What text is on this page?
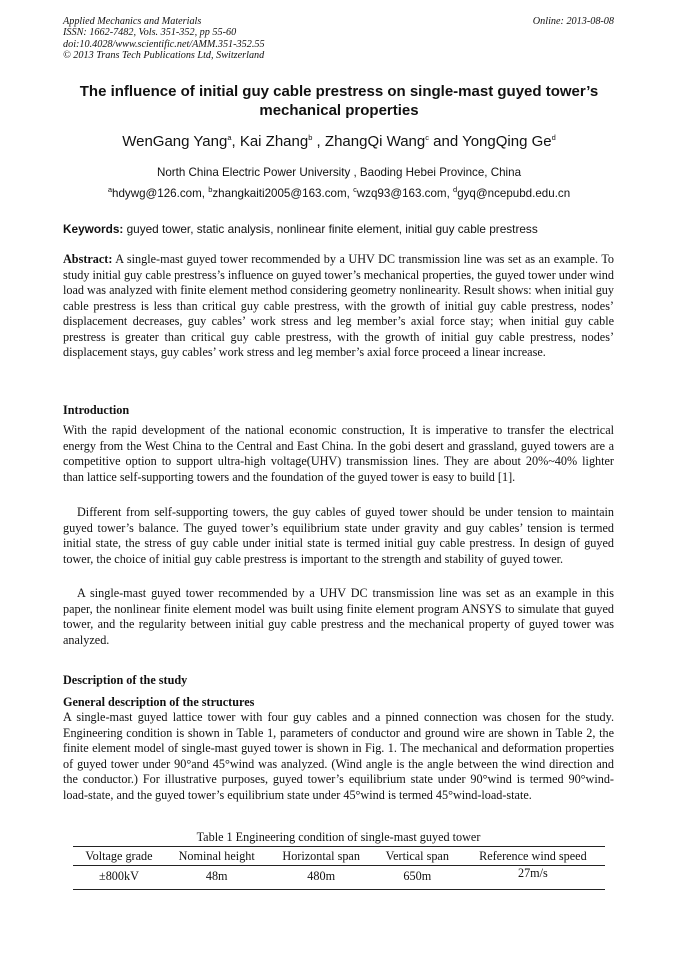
Applied Mechanics and Materials
ISSN: 1662-7482, Vols. 351-352, pp 55-60
doi:10.4028/www.scientific.net/AMM.351-352.55
© 2013 Trans Tech Publications Ltd, Switzerland
Online: 2013-08-08
The influence of initial guy cable prestress on single-mast guyed tower’s
mechanical properties
WenGang Yang$^a$, Kai Zhang$^b$ , ZhangQi Wang$^c$ and YongQing Ge$^d$
North China Electric Power University , Baoding Hebei Province, China
$^a$hdywg@126.com, $^b$zhangkaiti2005@163.com, $^c$wzq93@163.com, $^d$gyq@ncepubd.edu.cn
Keywords: guyed tower, static analysis, nonlinear finite element, initial guy cable prestress

Abstract: A single-mast guyed tower recommended by a UHV DC transmission line was set as an example. To study initial guy cable prestress’s influence on guyed tower’s mechanical properties, the guyed tower under wind load was analyzed with finite element method considering geometry nonlinearity. Result shows: when initial guy cable prestress is less than critical guy cable prestress, with the growth of initial guy cable prestress, nodes’ displacement decreases, guy cables’ work stress and leg member’s axial force stay; when initial guy cable prestress is greater than critical guy cable prestress, with the growth of initial guy cable prestress, nodes’ displacement stays, guy cables’ work stress and leg member’s axial force proceed a linear increase.

Introduction

With the rapid development of the national economic construction, It is imperative to transfer the electrical energy from the West China to the Central and East China. In the gobi desert and grassland, guyed towers are a competitive option to support ultra-high voltage(UHV) transmission lines. They are about 20%~40% lighter than lattice self-supporting towers and the foundation of the guyed tower is easy to build [1].

Different from self-supporting towers, the guy cables of guyed tower should be under tension to maintain guyed tower’s balance. The guyed tower’s equilibrium state under gravity and guy cables’ tension is termed initial state, the stress of guy cable under initial state is termed initial guy cable prestress. In design of guyed tower, the choice of initial guy cable prestress is important to the strength and stability of guyed tower.

A single-mast guyed tower recommended by a UHV DC transmission line was set as an example in this paper, the nonlinear finite element model was built using finite element program ANSYS to simulate that guyed tower, and the regularity between initial guy cable prestress and the mechanical property of guyed tower was analyzed.

Description of the study
General description of the structures

A single-mast guyed lattice tower with four guy cables and a pinned connection was chosen for the study. Engineering condition is shown in Table 1, parameters of conductor and ground wire are shown in Table 2, the finite element model of single-mast guyed tower is shown in Fig. 1. The mechanical and deformation properties of guyed tower under 90°and 45°wind was analyzed. (Wind angle is the angle between the wind direction and the conductor.) For illustrative purposes, guyed tower’s equilibrium state under 90°wind is termed 90°wind-load-state, and the guyed tower’s equilibrium state under 45°wind is termed 45°wind-load-state.

Table 1 Engineering condition of single-mast guyed tower
Voltage grade	Nominal height	Horizontal span	Vertical span	Reference wind speed
±800kV	48m	480m	650m	27m/s
